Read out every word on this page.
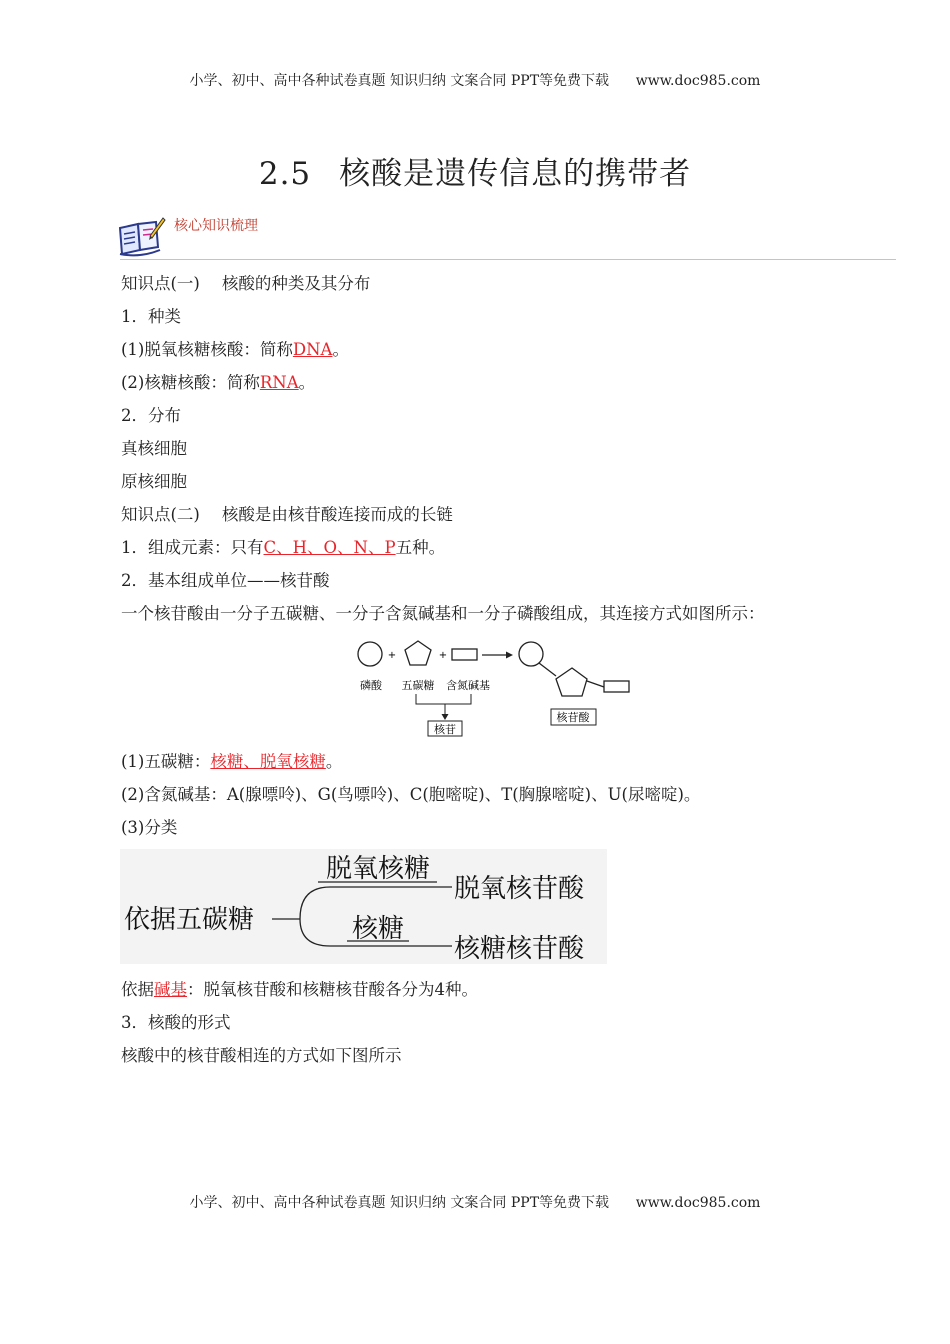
小学、初中、高中各种试卷真题 知识归纳 文案合同 PPT等免费下载 www.doc985.com
2.5 核酸是遗传信息的携带者
核心知识梳理
知识点(一) 核酸的种类及其分布
1．种类
(1)脱氧核糖核酸：简称DNA。
(2)核糖核酸：简称RNA。
2．分布
真核细胞
原核细胞
知识点(二) 核酸是由核苷酸连接而成的长链
1．组成元素：只有C、H、O、N、P五种。
2．基本组成单位——核苷酸
一个核苷酸由一分子五碳糖、一分子含氮碱基和一分子磷酸组成，其连接方式如图所示：
+	+
磷酸 五碳糖 含氮碱基
核苷
核苷酸
(1)五碳糖：核糖、脱氧核糖。
(2)含氮碱基：A(腺嘌呤)、G(鸟嘌呤)、C(胞嘧啶)、T(胸腺嘧啶)、U(尿嘧啶)。
(3)分类
依据五碳糖
脱氧核糖
核糖
脱氧核苷酸
核糖核苷酸
依据碱基：脱氧核苷酸和核糖核苷酸各分为4种。
3．核酸的形式
核酸中的核苷酸相连的方式如下图所示
小学、初中、高中各种试卷真题 知识归纳 文案合同 PPT等免费下载 www.doc985.com
